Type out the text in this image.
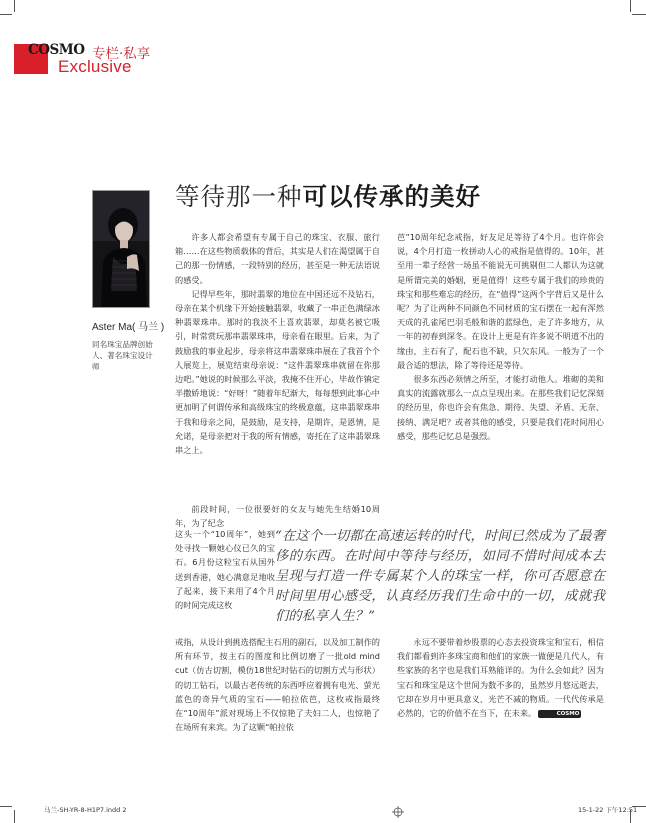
COSMO 专栏·私享
Exclusive
Aster Ma( 马兰 )
同名珠宝品牌创始人、著名珠宝设计师
等待那一种可以传承的美好

许多人都会希望有专属于自己的珠宝、衣服、旅行箱……在这些物质载体的背后，其实是人们在渴望属于自己的那一份情感，一段特别的经历，甚至是一种无法语说的感受。

记得早些年，那时翡翠的地位在中国还远不及钻石，母亲在某个机缘下开始接触翡翠，收藏了一串正色满绿冰种翡翠珠串。那时的我淡不上喜欢翡翠，却莫名被它吸引，时常赏玩那串翡翠珠串，母亲看在眼里。后来，为了鼓励我的事业起步，母亲将这串翡翠珠串展在了我首个个人展览上，展览结束母亲说：“这件翡翠珠串就留在你那边吧。”她说的时候那么平淡，我掩不住开心，毕故作镇定半撒娇地说：“好呀！”随着年纪渐大，每每想到此事心中更加明了何谓传承和高级珠宝的终极意蕴，这串翡翠珠串于我和母亲之间，是鼓励，是支持，是期许，是恩情，是允诺，是母亲把对于我的所有情感，寄托在了这串翡翠珠串之上。

前段时间，一位很要好的女友与她先生结婚10周年，为了纪念

这头一个“10周年”，她到处寻找一颗她心仪已久的宝石。6月份这粒宝石从国外送到香港，她心满意足地收了起来，接下来用了4个月的时间完成这枚

“在这个一切都在高速运转的时代，时间已然成为了最奢侈的东西。在时间中等待与经历，如同不惜时间成本去呈现与打造一件专属某个人的珠宝一样，你可否愿意在时间里用心感受，认真经历我们生命中的一切，成就我们的私享人生？”

戒指，从设计到挑选搭配主石用的副石，以及加工制作的所有环节，按主石的图度和比例切磨了一批old mind cut（仿古切割，模仿18世纪时钻石的切割方式与形状）的切工钻石，以最古老传统的东西呼应着拥有电光、萤光蓝色的奇异气质的宝石——帕拉依芭，这枚戒指最终在“10周年”派对现场上不仅惊艳了夫妇二人，也惊艳了在场所有来宾。为了这颗“帕拉依

芭”10周年纪念戒指，好友足足等待了4个月。也许你会说，4个月打造一枚拼动人心的戒指是值得的。10年，甚至用一辈子经营一场虽不能说无可挑剔但二人都认为这就是所谓完美的婚姻，更是值得！这些专属于我们的珍贵的珠宝和那些难忘的经历，在“值得”这两个字背后又是什么呢？为了让两种不同颜色不同材质的宝石摆在一起有浑然天成的孔雀尾巴羽毛般和谐的蓝绿色，走了许多地方，从一年的初春到深冬。在设计上更是有许多说不明道不出的缘由，主石有了，配石也不缺，只欠东风。一般为了一个最合适的想法，除了等待还是等待。

很多东西必须情之所至，才能打动他人。堆砌的美和真实的流露就那么一点点呈现出来。在那些我们记忆深刻的经历里，你也许会有焦急、期待、失望、矛盾、无奈、接纳、满足吧？或者其他的感受，只要是我们花时间用心感受，那些记忆总是强烈。

永远不要带着炒股票的心态去投资珠宝和宝石，相信我们都看到许多珠宝商和他们的家族一做便是几代人，有些家族的名字也是我们耳熟能详的。为什么会如此？因为宝石和珠宝是这个世间为数不多的，虽然岁月悠远逝去，它却在岁月中更具意义、光芒不减的物质。一代代传承是必然的，它的价值不在当下，在未来。	COSMO

马兰-SH-YR-8-H1P7.indd 2	15-1-22 下午12:51
